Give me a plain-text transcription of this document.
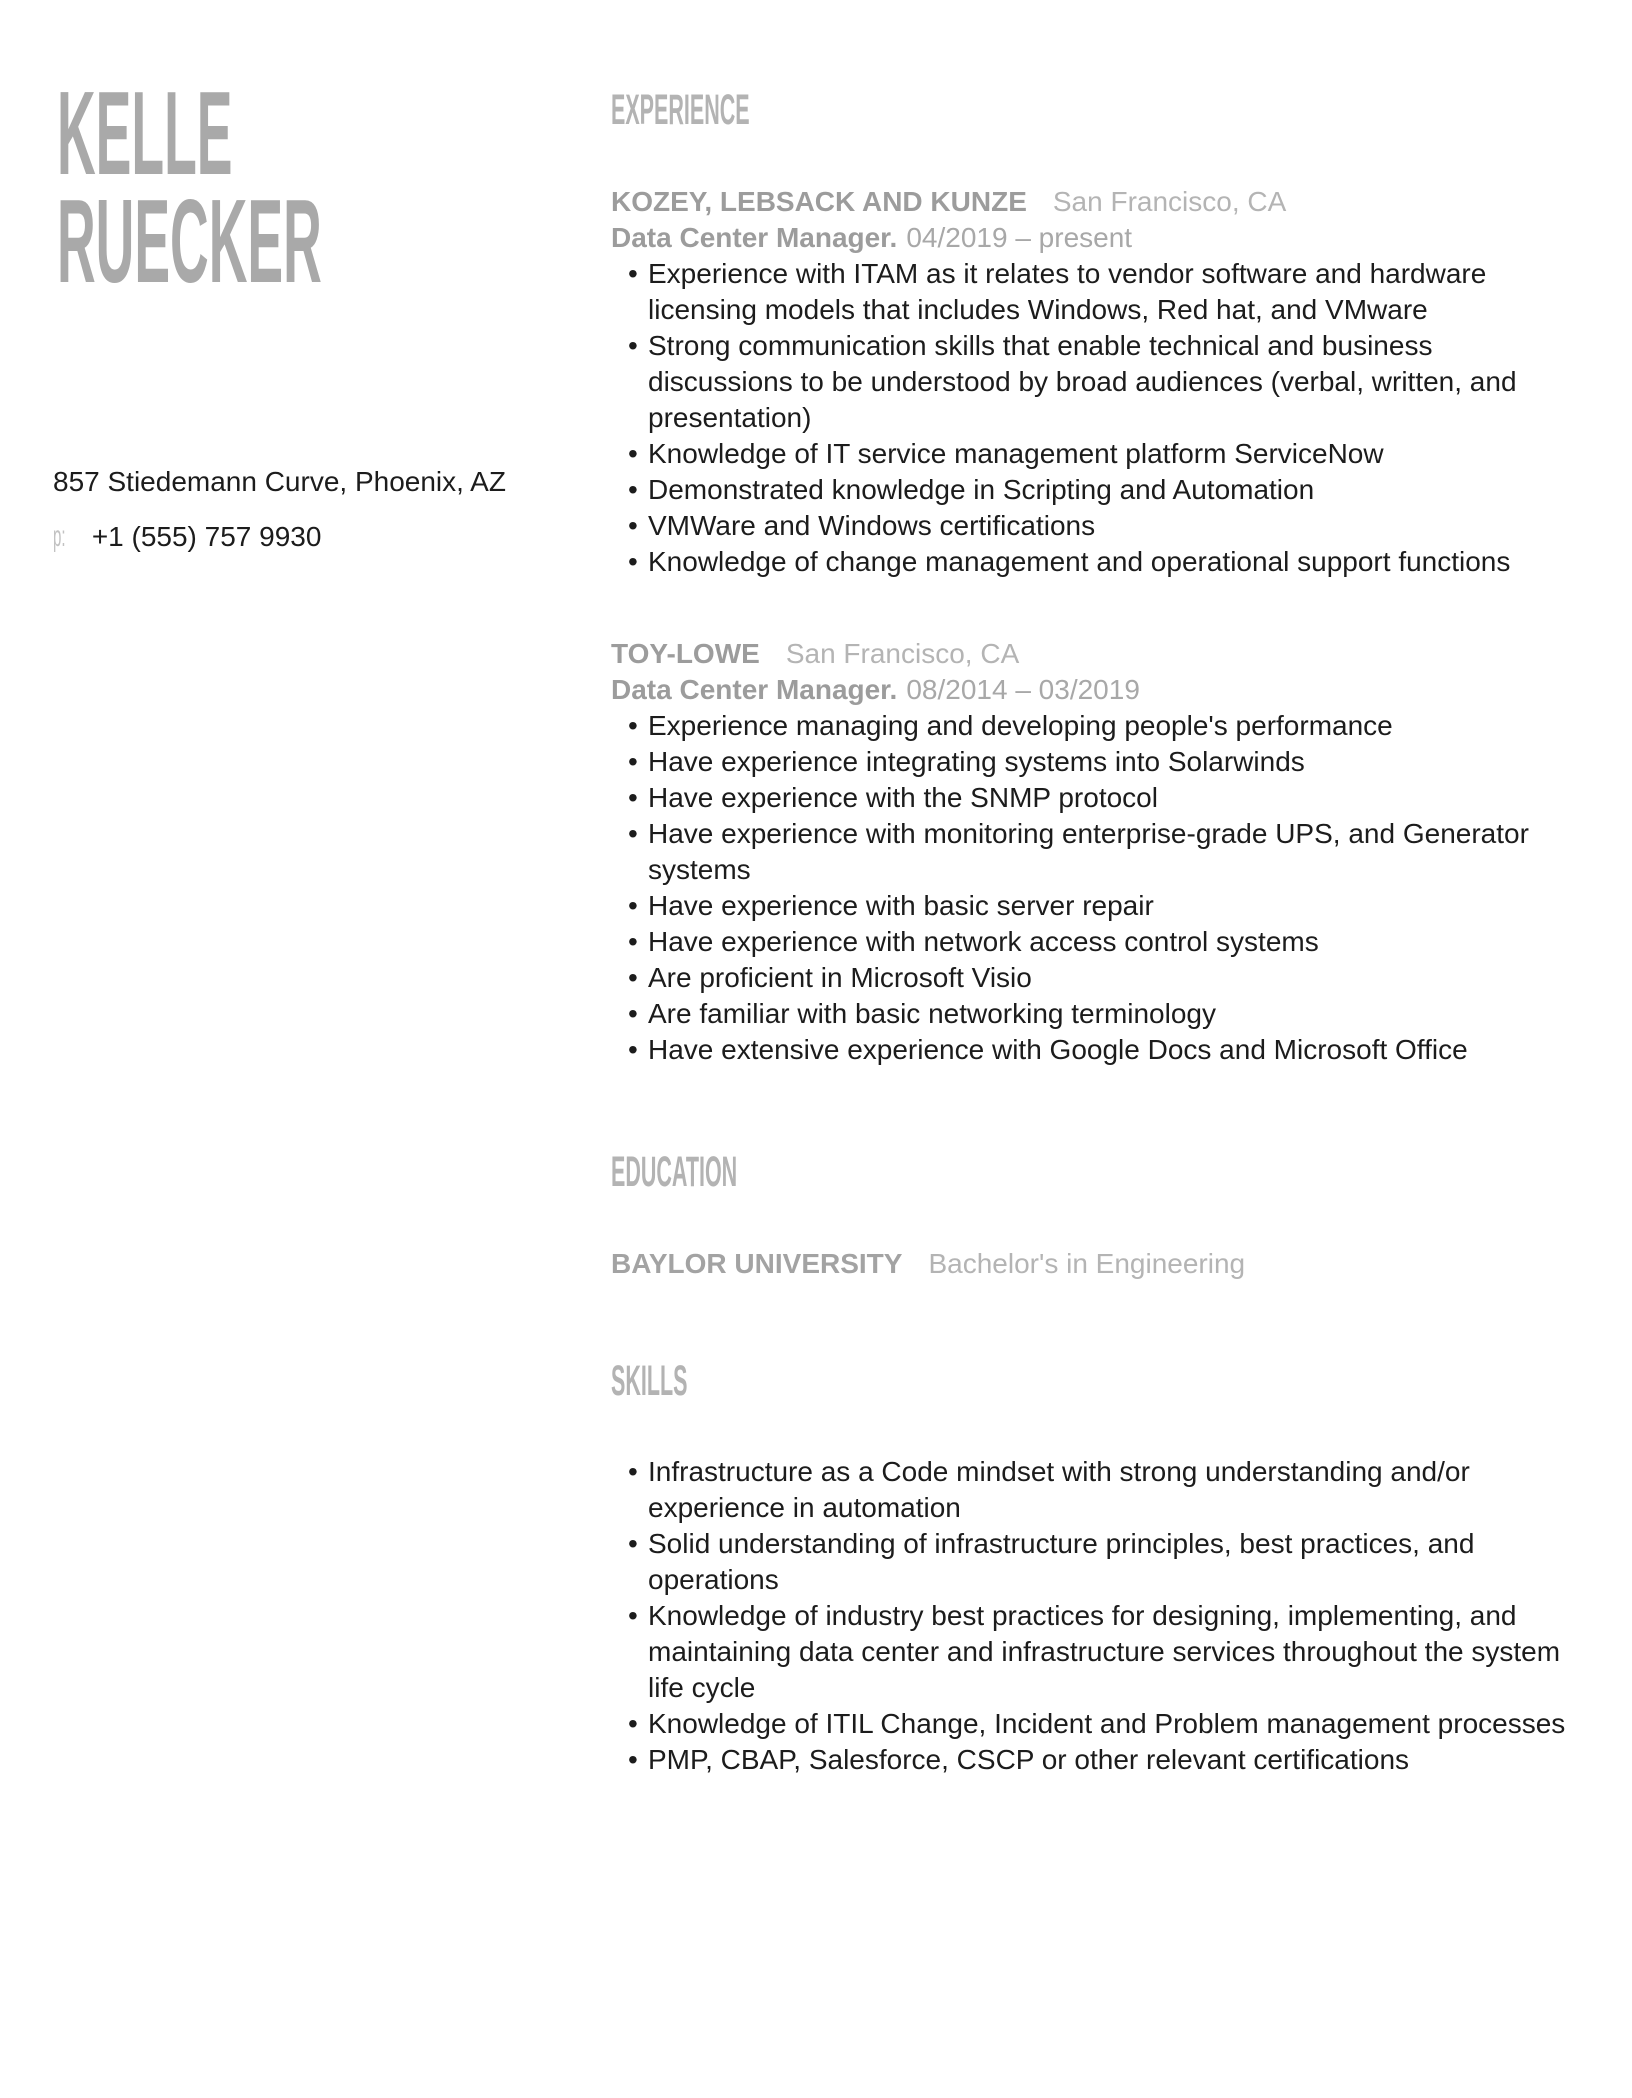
KELLE
RUECKER
857 Stiedemann Curve, Phoenix, AZ
p: +1 (555) 757 9930
EXPERIENCE
KOZEY, LEBSACK AND KUNZE San Francisco, CA
Data Center Manager. 04/2019 – present
• Experience with ITAM as it relates to vendor software and hardware licensing models that includes Windows, Red hat, and VMware
• Strong communication skills that enable technical and business discussions to be understood by broad audiences (verbal, written, and presentation)
• Knowledge of IT service management platform ServiceNow
• Demonstrated knowledge in Scripting and Automation
• VMWare and Windows certifications
• Knowledge of change management and operational support functions
TOY-LOWE San Francisco, CA
Data Center Manager. 08/2014 – 03/2019
• Experience managing and developing people's performance
• Have experience integrating systems into Solarwinds
• Have experience with the SNMP protocol
• Have experience with monitoring enterprise-grade UPS, and Generator systems
• Have experience with basic server repair
• Have experience with network access control systems
• Are proficient in Microsoft Visio
• Are familiar with basic networking terminology
• Have extensive experience with Google Docs and Microsoft Office
EDUCATION
BAYLOR UNIVERSITY Bachelor's in Engineering
SKILLS
• Infrastructure as a Code mindset with strong understanding and/or experience in automation
• Solid understanding of infrastructure principles, best practices, and operations
• Knowledge of industry best practices for designing, implementing, and maintaining data center and infrastructure services throughout the system life cycle
• Knowledge of ITIL Change, Incident and Problem management processes
• PMP, CBAP, Salesforce, CSCP or other relevant certifications
